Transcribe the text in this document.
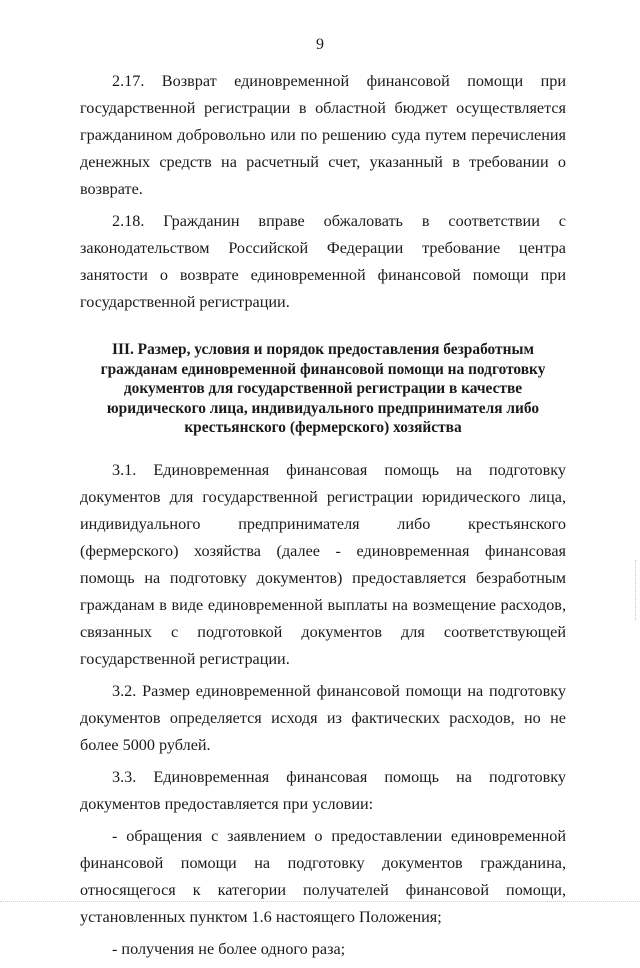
9

2.17. Возврат единовременной финансовой помощи при государственной регистрации в областной бюджет осуществляется гражданином добровольно или по решению суда путем перечисления денежных средств на расчетный счет, указанный в требовании о возврате.

2.18. Гражданин вправе обжаловать в соответствии с законодательством Российской Федерации требование центра занятости о возврате единовременной финансовой помощи при государственной регистрации.

III. Размер, условия и порядок предоставления безработным
гражданам единовременной финансовой помощи на подготовку
документов для государственной регистрации в качестве
юридического лица, индивидуального предпринимателя либо
крестьянского (фермерского) хозяйства

3.1. Единовременная финансовая помощь на подготовку документов для государственной регистрации юридического лица, индивидуального предпринимателя либо крестьянского (фермерского) хозяйства (далее - единовременная финансовая помощь на подготовку документов) предоставляется безработным гражданам в виде единовременной выплаты на возмещение расходов, связанных с подготовкой документов для соответствующей государственной регистрации.

3.2. Размер единовременной финансовой помощи на подготовку документов определяется исходя из фактических расходов, но не более 5000 рублей.

3.3. Единовременная финансовая помощь на подготовку документов предоставляется при условии:

- обращения с заявлением о предоставлении единовременной финансовой помощи на подготовку документов гражданина, относящегося к категории получателей финансовой помощи, установленных пунктом 1.6 настоящего Положения;

- получения не более одного раза;
